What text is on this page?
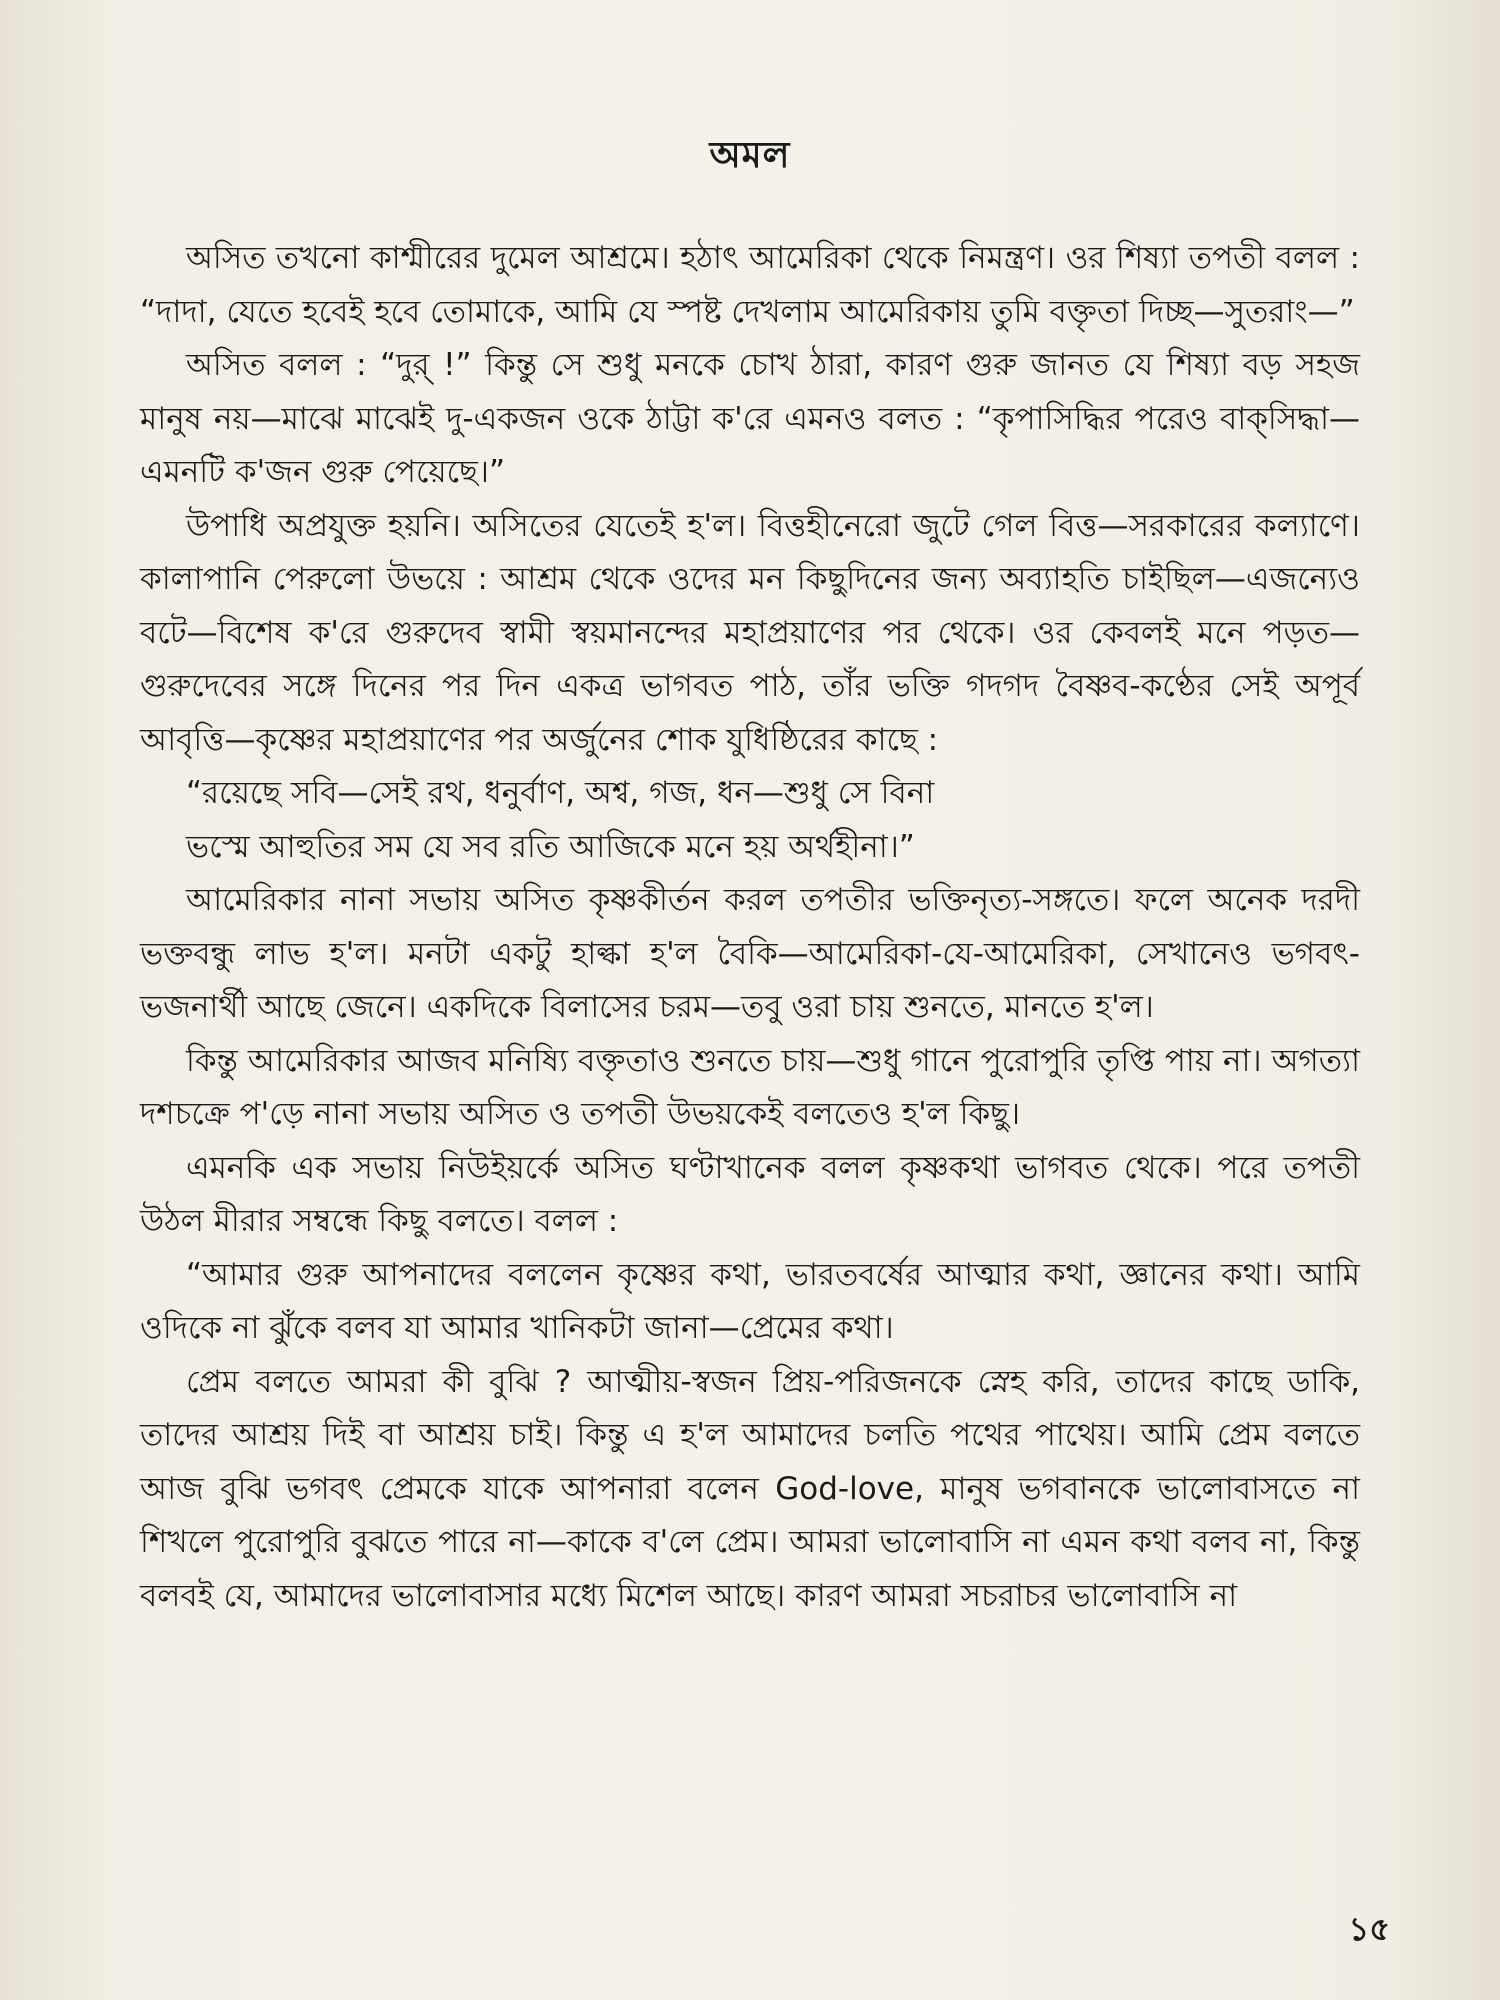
অমল

অসিত তখনো কাশ্মীরের দুমেল আশ্রমে। হঠাৎ আমেরিকা থেকে নিমন্ত্রণ। ওর শিষ্যা তপতী বলল : “দাদা, যেতে হবেই হবে তোমাকে, আমি যে স্পষ্ট দেখলাম আমেরিকায় তুমি বক্তৃতা দিচ্ছ—সুতরাং—”

অসিত বলল : “দুর্ !” কিন্তু সে শুধু মনকে চোখ ঠারা, কারণ গুরু জানত যে শিষ্যা বড় সহজ মানুষ নয়—মাঝে মাঝেই দু-একজন ওকে ঠাট্টা ক'রে এমনও বলত : “কৃপাসিদ্ধির পরেও বাক্‌সিদ্ধা—এমনটি ক'জন গুরু পেয়েছে।”

উপাধি অপ্রযুক্ত হয়নি। অসিতের যেতেই হ'ল। বিত্তহীনেরো জুটে গেল বিত্ত—সরকারের কল্যাণে। কালাপানি পেরুলো উভয়ে : আশ্রম থেকে ওদের মন কিছুদিনের জন্য অব্যাহতি চাইছিল—এজন্যেও বটে—বিশেষ ক'রে গুরুদেব স্বামী স্বয়মানন্দের মহাপ্রয়াণের পর থেকে। ওর কেবলই মনে পড়ত—গুরুদেবের সঙ্গে দিনের পর দিন একত্র ভাগবত পাঠ, তাঁর ভক্তি গদগদ বৈষ্ণব-কণ্ঠের সেই অপূর্ব আবৃত্তি—কৃষ্ণের মহাপ্রয়াণের পর অর্জুনের শোক যুধিষ্ঠিরের কাছে :

“রয়েছে সবি—সেই রথ, ধনুর্বাণ, অশ্ব, গজ, ধন—শুধু সে বিনা
ভস্মে আহুতির সম যে সব রতি আজিকে মনে হয় অর্থহীনা।”

আমেরিকার নানা সভায় অসিত কৃষ্ণকীর্তন করল তপতীর ভক্তিনৃত্য-সঙ্গতে। ফলে অনেক দরদী ভক্তবন্ধু লাভ হ'ল। মনটা একটু হাল্কা হ'ল বৈকি—আমেরিকা-যে-আমেরিকা, সেখানেও ভগবৎ-ভজনার্থী আছে জেনে। একদিকে বিলাসের চরম—তবু ওরা চায় শুনতে, মানতে হ'ল।

কিন্তু আমেরিকার আজব মনিষ্যি বক্তৃতাও শুনতে চায়—শুধু গানে পুরোপুরি তৃপ্তি পায় না। অগত্যা দশচক্রে প'ড়ে নানা সভায় অসিত ও তপতী উভয়কেই বলতেও হ'ল কিছু।

এমনকি এক সভায় নিউইয়র্কে অসিত ঘণ্টাখানেক বলল কৃষ্ণকথা ভাগবত থেকে। পরে তপতী উঠল মীরার সম্বন্ধে কিছু বলতে। বলল :

“আমার গুরু আপনাদের বললেন কৃষ্ণের কথা, ভারতবর্ষের আত্মার কথা, জ্ঞানের কথা। আমি ওদিকে না ঝুঁকে বলব যা আমার খানিকটা জানা—প্রেমের কথা।

প্রেম বলতে আমরা কী বুঝি ? আত্মীয়-স্বজন প্রিয়-পরিজনকে স্নেহ করি, তাদের কাছে ডাকি, তাদের আশ্রয় দিই বা আশ্রয় চাই। কিন্তু এ হ'ল আমাদের চলতি পথের পাথেয়। আমি প্রেম বলতে আজ বুঝি ভগবৎ প্রেমকে যাকে আপনারা বলেন God-love, মানুষ ভগবানকে ভালোবাসতে না শিখলে পুরোপুরি বুঝতে পারে না—কাকে ব'লে প্রেম। আমরা ভালোবাসি না এমন কথা বলব না, কিন্তু বলবই যে, আমাদের ভালোবাসার মধ্যে মিশেল আছে। কারণ আমরা সচরাচর ভালোবাসি না

১৫
